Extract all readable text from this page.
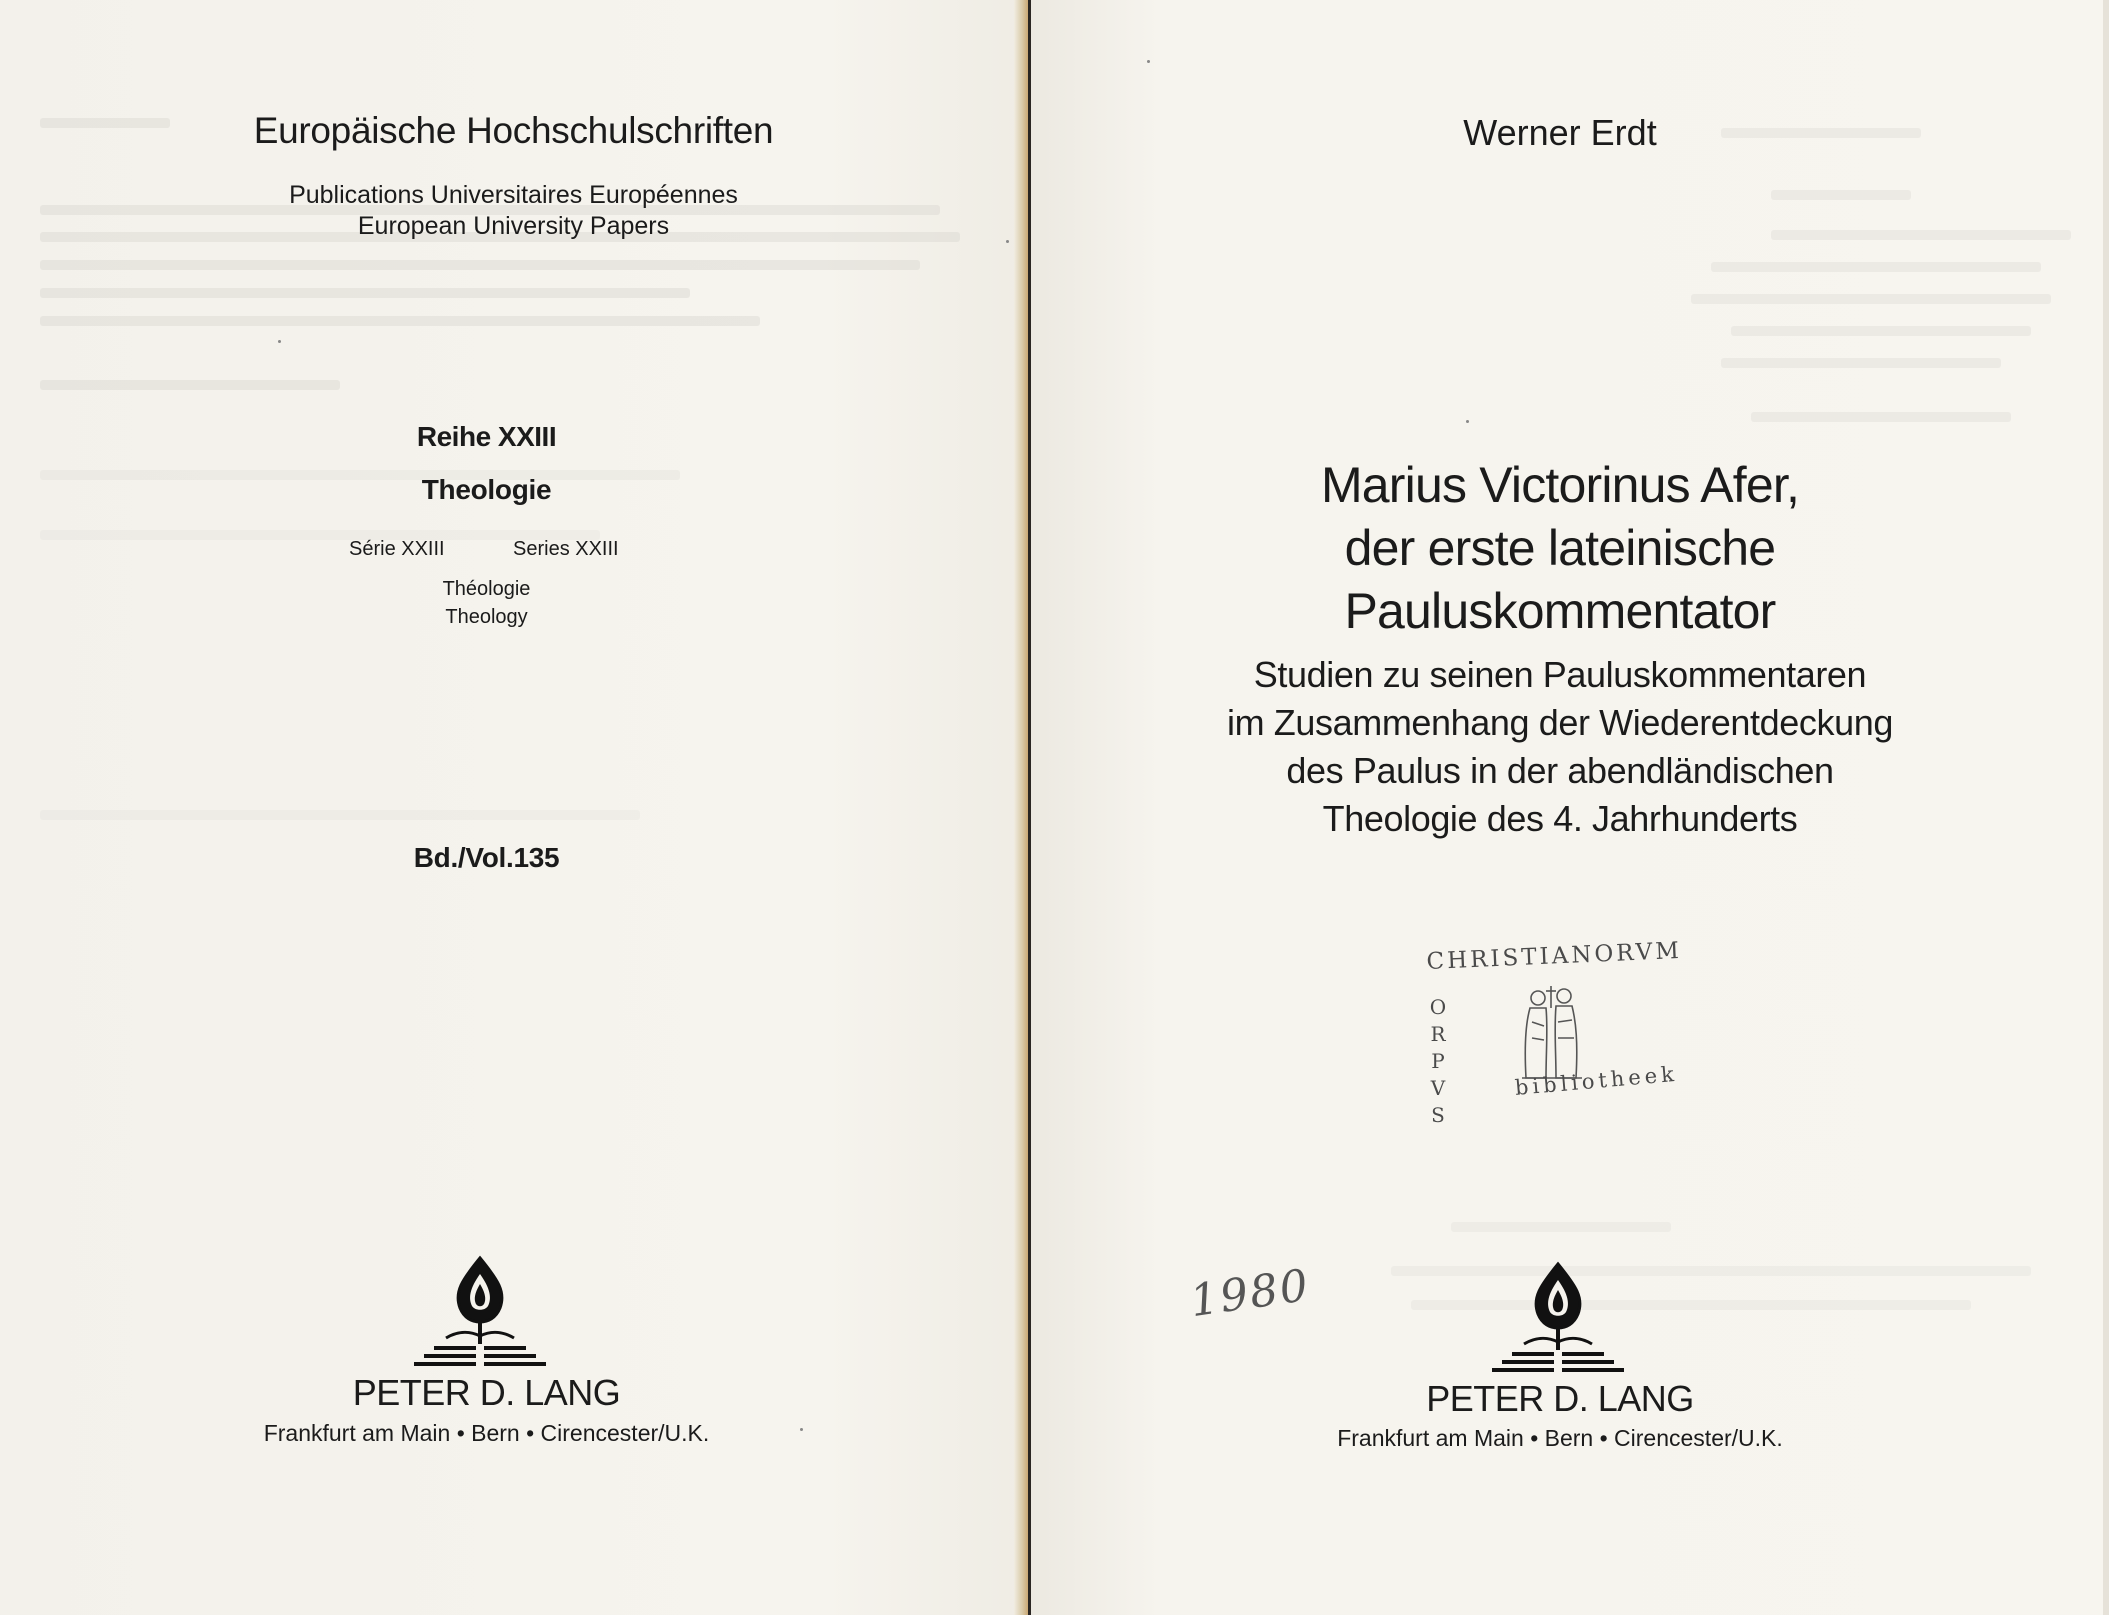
Europäische Hochschulschriften
Publications Universitaires Européennes
European University Papers
Reihe XXIII
Theologie
Série XXIII	Series XXIII
Théologie
Theology
Bd./Vol.135
PETER D. LANG
Frankfurt am Main • Bern • Cirencester/U.K.
Werner Erdt
Marius Victorinus Afer,
der erste lateinische
Pauluskommentator
Studien zu seinen Pauluskommentaren
im Zusammenhang der Wiederentdeckung
des Paulus in der abendländischen
Theologie des 4. Jahrhunderts
PETER D. LANG
Frankfurt am Main • Bern • Cirencester/U.K.
CHRISTIANORVM
O
R
P
V
S
bibliotheek
1980
